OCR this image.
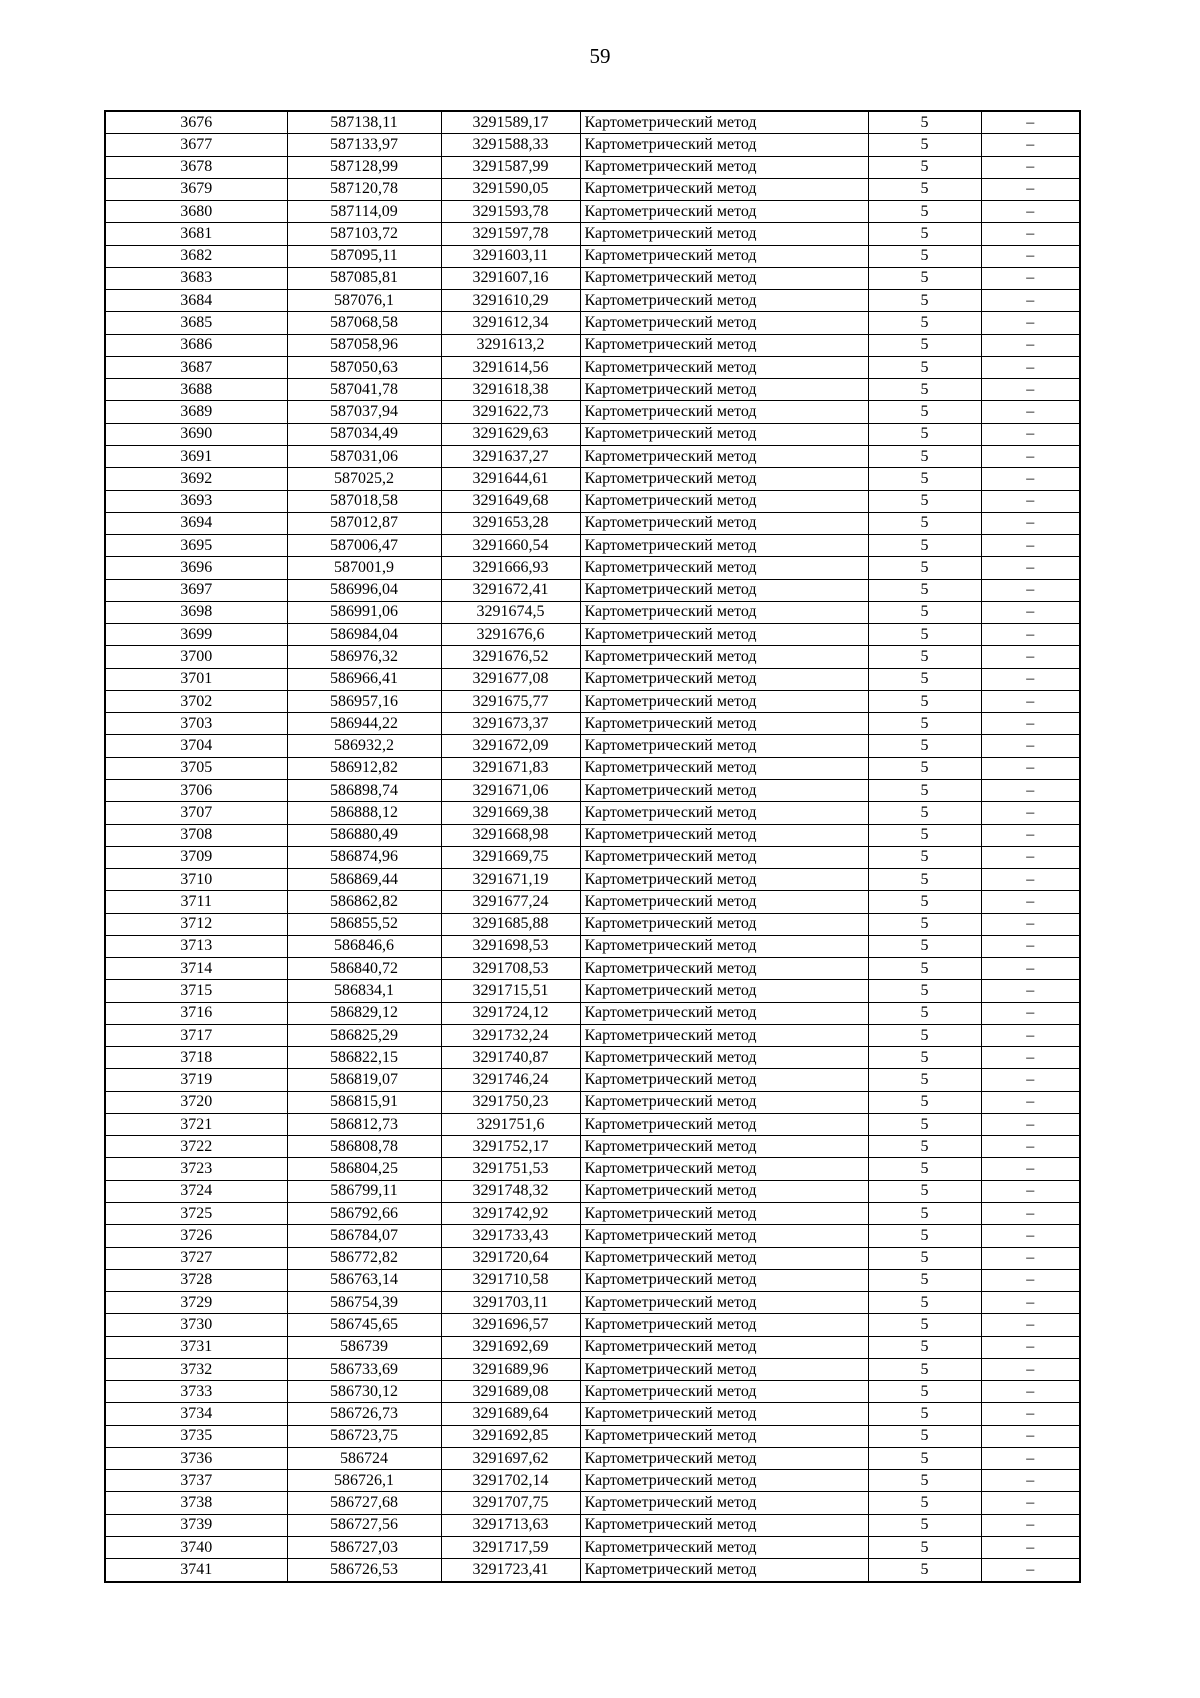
59
3676	587138,11	3291589,17	Картометрический метод	5	–
3677	587133,97	3291588,33	Картометрический метод	5	–
3678	587128,99	3291587,99	Картометрический метод	5	–
3679	587120,78	3291590,05	Картометрический метод	5	–
3680	587114,09	3291593,78	Картометрический метод	5	–
3681	587103,72	3291597,78	Картометрический метод	5	–
3682	587095,11	3291603,11	Картометрический метод	5	–
3683	587085,81	3291607,16	Картометрический метод	5	–
3684	587076,1	3291610,29	Картометрический метод	5	–
3685	587068,58	3291612,34	Картометрический метод	5	–
3686	587058,96	3291613,2	Картометрический метод	5	–
3687	587050,63	3291614,56	Картометрический метод	5	–
3688	587041,78	3291618,38	Картометрический метод	5	–
3689	587037,94	3291622,73	Картометрический метод	5	–
3690	587034,49	3291629,63	Картометрический метод	5	–
3691	587031,06	3291637,27	Картометрический метод	5	–
3692	587025,2	3291644,61	Картометрический метод	5	–
3693	587018,58	3291649,68	Картометрический метод	5	–
3694	587012,87	3291653,28	Картометрический метод	5	–
3695	587006,47	3291660,54	Картометрический метод	5	–
3696	587001,9	3291666,93	Картометрический метод	5	–
3697	586996,04	3291672,41	Картометрический метод	5	–
3698	586991,06	3291674,5	Картометрический метод	5	–
3699	586984,04	3291676,6	Картометрический метод	5	–
3700	586976,32	3291676,52	Картометрический метод	5	–
3701	586966,41	3291677,08	Картометрический метод	5	–
3702	586957,16	3291675,77	Картометрический метод	5	–
3703	586944,22	3291673,37	Картометрический метод	5	–
3704	586932,2	3291672,09	Картометрический метод	5	–
3705	586912,82	3291671,83	Картометрический метод	5	–
3706	586898,74	3291671,06	Картометрический метод	5	–
3707	586888,12	3291669,38	Картометрический метод	5	–
3708	586880,49	3291668,98	Картометрический метод	5	–
3709	586874,96	3291669,75	Картометрический метод	5	–
3710	586869,44	3291671,19	Картометрический метод	5	–
3711	586862,82	3291677,24	Картометрический метод	5	–
3712	586855,52	3291685,88	Картометрический метод	5	–
3713	586846,6	3291698,53	Картометрический метод	5	–
3714	586840,72	3291708,53	Картометрический метод	5	–
3715	586834,1	3291715,51	Картометрический метод	5	–
3716	586829,12	3291724,12	Картометрический метод	5	–
3717	586825,29	3291732,24	Картометрический метод	5	–
3718	586822,15	3291740,87	Картометрический метод	5	–
3719	586819,07	3291746,24	Картометрический метод	5	–
3720	586815,91	3291750,23	Картометрический метод	5	–
3721	586812,73	3291751,6	Картометрический метод	5	–
3722	586808,78	3291752,17	Картометрический метод	5	–
3723	586804,25	3291751,53	Картометрический метод	5	–
3724	586799,11	3291748,32	Картометрический метод	5	–
3725	586792,66	3291742,92	Картометрический метод	5	–
3726	586784,07	3291733,43	Картометрический метод	5	–
3727	586772,82	3291720,64	Картометрический метод	5	–
3728	586763,14	3291710,58	Картометрический метод	5	–
3729	586754,39	3291703,11	Картометрический метод	5	–
3730	586745,65	3291696,57	Картометрический метод	5	–
3731	586739	3291692,69	Картометрический метод	5	–
3732	586733,69	3291689,96	Картометрический метод	5	–
3733	586730,12	3291689,08	Картометрический метод	5	–
3734	586726,73	3291689,64	Картометрический метод	5	–
3735	586723,75	3291692,85	Картометрический метод	5	–
3736	586724	3291697,62	Картометрический метод	5	–
3737	586726,1	3291702,14	Картометрический метод	5	–
3738	586727,68	3291707,75	Картометрический метод	5	–
3739	586727,56	3291713,63	Картометрический метод	5	–
3740	586727,03	3291717,59	Картометрический метод	5	–
3741	586726,53	3291723,41	Картометрический метод	5	–
